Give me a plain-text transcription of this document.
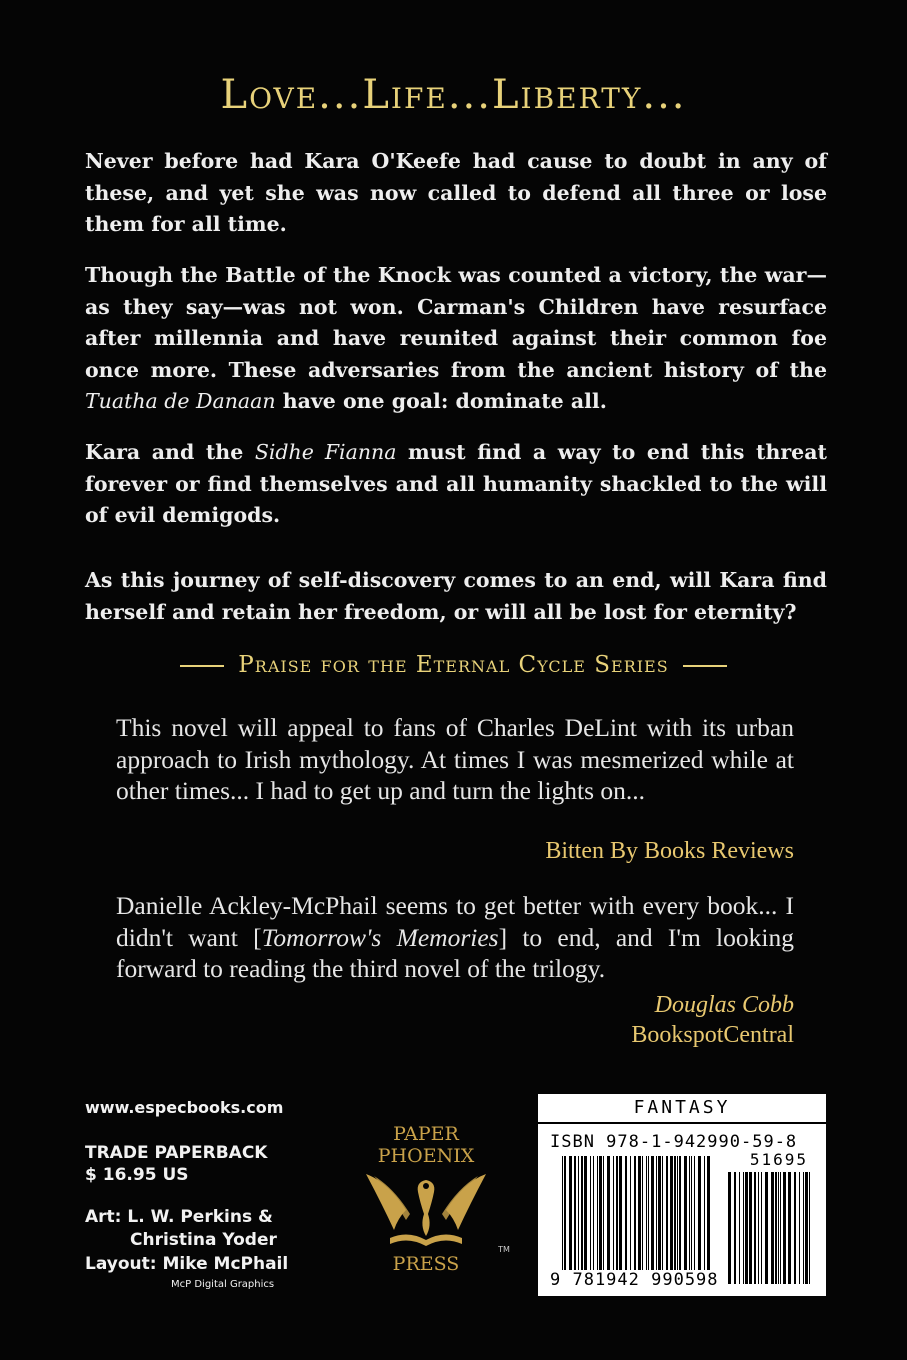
Love...Life...Liberty...

Never before had Kara O'Keefe had cause to doubt in any of these, and yet she was now called to defend all three or lose them for all time.

Though the Battle of the Knock was counted a victory, the war—as they say—was not won. Carman's Children have resurface after millennia and have reunited against their common foe once more. These adversaries from the ancient history of the Tuatha de Danaan have one goal: dominate all.

Kara and the Sidhe Fianna must find a way to end this threat forever or find themselves and all humanity shackled to the will of evil demigods.

As this journey of self-discovery comes to an end, will Kara find herself and retain her freedom, or will all be lost for eternity?

Praise for the Eternal Cycle Series

This novel will appeal to fans of Charles DeLint with its urban approach to Irish mythology. At times I was mesmerized while at other times... I had to get up and turn the lights on...

Bitten By Books Reviews

Danielle Ackley-McPhail seems to get better with every book... I didn't want [Tomorrow's Memories] to end, and I'm looking forward to reading the third novel of the trilogy.

Douglas Cobb
BookspotCentral
www.especbooks.com
TRADE PAPERBACK
$ 16.95 US
Art: L. W. Perkins &
Christina Yoder
Layout: Mike McPhail
McP Digital Graphics
PAPER
PHOENIX
PRESS
TM
FANTASY
ISBN 978-1-942990-59-8
51695
9 781942 990598
